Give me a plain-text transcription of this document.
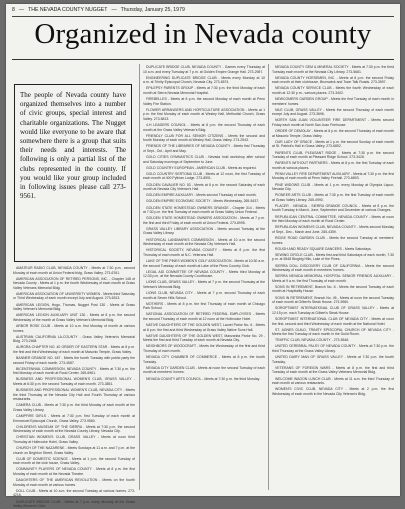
8 — THE NEVADA COUNTY NUGGET — Thursday, January 25, 1979
Organized in Nevada county
The people of Nevada county have organized themselves into a number of civic groups, special interest and charitable organizations. The Nugget would like everyone to be aware that somewhere there is a group that suits their needs and interests. The following is only a partial list of the clubs represented in the county. If you would like your group included in following issues please call 273-9561.

AMATEUR RADIO CLUB, NEVADA COUNTY - Meets at 7:30 p.m., second Monday of each month at Union Federal bldg, Grass Valley. 273-6761.

AMERICAN ASSOCIATION OF RETIRED PERSONS, INC. - Chapter 148 of Nevada County - Meets at 1 p.m. the fourth Wednesday of each month at Grass Valley Veterans Memorial Bldg.

AMERICAN ASSOCIATION OF UNIVERSITY WOMEN - Meets third Saturday or Third Wednesday of each month except July and August. 273-6513.

AMERICAN LEGION, Hugo, Thomas, Nugget Post 130 - Meets at Grass Valley Veteran's Memorial Bldg.

AMERICAN LEGION AUXILIARY UNIT 130 - Meets at 8 p.m. the second Wednesday of the month at Grass Valley Veteran's Memorial Bldg.

ARBOR ROSE CLUB - Meets at 10 a.m. first Monday of month at various homes.

AUSTRIAN CALIFORNIA LA-COUNTY - Grass Valley Veteran's Memorial Bldg. 273-2468.

AURORA CHAPTER NO. 40 ORDER OF EASTERN STAR - Meets at 8 p.m. the first and third Wednesday of each month at Masonic Temple, Grass Valley.

BANNER GRANGE NO. 487 - Meets the fourth Tuesday with public party the second Friday of each month. 273-4587.

BICENTENNIAL COMMISSION, NEVADA COUNTY - Meets at 7:30 p.m. the first Monday of each month at Rood Center. 265-6961.

BUSINESS AND PROFESSIONAL WOMEN'S CLUB, GRASS VALLEY - Meets at 6:30 p.m. the second Tuesday of each month. 273-3851.

BUSINESS AND PROFESSIONAL WOMEN'S CLUB, NEVADA CITY - Meets the third Thursday at the Nevada City Hall and Fourth Thursday at various restaurants.

CAMERA CLUB - Meets at 7:30 p.m. the third Monday of each month at the Grass Valley Library.

CAMPFIRE GIRLS - Meets at 7:30 p.m. first Tuesday of each month at Emmanuel Episcopal Church, Grass Valley. 273-9560.

CHILDREN'S MUSEUM OF THE SIERRA - Meets at 7:30 p.m. the second Wednesday of each month at the Nevada County Library, Nevada City.

CHRISTIAN WOMEN'S CLUB, GRASS VALLEY - Meets at noon third Thursday at Holbrooke Hotel, Grass Valley.

CHURCH OF THE NAZARENE - Meets Sundays at 11 a.m. and 7 p.m. at the church on Brighton Street, Grass Valley.

CLUB OF DOMESTIC SCIENCE - Meets at 1 p.m. the second Tuesday of each month at the club house, Grass Valley.

COMMUNITY PLAYERS OF NEVADA COUNTY - Meets at 8 p.m. the first Monday of each month at the Nevada Theatre.

DAUGHTERS OF THE AMERICAN REVOLUTION - Meets on the fourth Monday of each month at various homes.

DOLL CLUB - Meets at 10 a.m. the second Tuesday at various homes. 273-4216.

DUPLICATE BRIDGE CLUB - Meets at 7 p.m. every Monday at the Grass Valley Women's Club.

DUPLICATE BRIDGE CLUB, NEVADA COUNTY - Games every Thursday at 10 a.m. and every Tuesday at 7 p.m. at Golden Empire Grange Hall. 273-2987.

ENGINEERING DUPLICATE BRIDGE CLUB - Meets every Monday at 10 a.m. at Trinity Episcopal Church, Nevada City. 273-6574.

EPILEPSY PARENTS GROUP - Meets at 7:30 p.m. the third Monday of each month at Sierra Nevada Memorial Hospital.

FIREBELLES - Meets at 8 p.m. the second Monday of each month at Penn Valley Fire Station.

FLOWER ARRANGERS AND HORTICULTURE ASSOCIATION - Meets at 1 p.m. the first Monday of each month at Wesley Hall, Methodist Church, Grass Valley. 273-5813.

4-H LEADERS COUNCIL - Meets at 8 p.m. the second Thursday of each month at the Grass Valley Veteran's Bldg.

FRIENDLY CLUB FOR ALL SENIOR CITIZENS - Meets the second and fourth Monday of each month at Wesley Hall, Grass Valley. 273-2543.

FRIENDS OF THE LIBRARIES OF NEVADA COUNTY - Meets first Thursday of Sept., Oct., April and May.

GOLD CITIES GYMNASTICS CLUB - Nevada hold workshop after school and Saturday mornings of September to June.

GOLD COUNTRY EUROPEAN - AMERICAN CLUB - Meets as required.

GOLD COUNTRY SERTOMA CLUB - Meets at 12 noon, the first Tuesday of each month at 400 Pythian Lodge. 273-8591.

GOLDEN CAVALIER NO. 53 - Meets at 8 p.m. the second Saturday of each month at Nevada City Veteran's Hall.

GOLDEN EMPIRE AUXILIARY - Meets second Thursday of each month.

GOLDEN EMPIRE ECONOMIC SOCIETY - Meets Wednesday, 265-5437.

GOLDEN STATE HOMESTEAD OWNERS GRANGE - Chapter 314 - Meets at 7:30 p.m. the first Tuesday of each month at Grass Valley Union Federal.

GOLDEN STATE HOMESTEAD OWNERS ASSOCIATION - Meets at 7 p.m. the first and third Friday of each month at Union Federal. 273-8995.

GRASS VALLEY LIBRARY ASSOCIATION - Meets second Tuesday at the Grass Valley Library.

HISTORICAL LANDMARKS COMMISSION - Meets at 10 a.m. the second Wednesday of each month at the Nevada City Veteran's Hall.

HISTORICAL SOCIETY, NEVADA COUNTY - Meets at 8 p.m. the first Thursday of each month at N.C. Veterans Hall.

LAKE OF THE PINES WOMEN'S GOLF ASSOCIATION - Meets at 10:30 a.m. the second Tuesday of each month at Lake of the Pines Country Club.

LEGAL AID COMMITTEE OF NEVADA COUNTY - Meets third Monday at 12:30 p.m. at the Nevada County Courthouse.

LIONS CLUB, GRASS VALLEY - Meets at 7 p.m. the second Thursday at the Veteran's Memorial Bldg.

LIONS CLUB, NEVADA CITY - Meets at 7 p.m. second Thursday of each month at Seven Hills School.

MOTHERS - Meets at 8 p.m. the first Thursday of each month at Chicago Park School.

NATIONAL ASSOCIATION OF RETIRED FEDERAL EMPLOYEES - Meets the second Thursday of each month at 12 noon at the Holbrooke Hotel.

NATIVE DAUGHTERS OF THE GOLDEN WEST, Laurel Parlor No. 6 - Meets at 8 p.m. the first and third Wednesday at Grass Valley Native Sons Hall.

NATIVE DAUGHTERS OF THE GOLDEN WEST, Manzanita Parlor No. 29 - Meets the first and third Tuesday of each month at Nevada City.

NEIGHBORS OF WOODCRAFT - Meets the Wednesday of the first and third Thursday of each month.

NEVADA CITY CHAMBER OF COMMERCE - Meets at 8 p.m. the fourth Tuesday.

NEVADA CITY GARDEN CLUB - Meets at noon the second Tuesday of each month at members' homes.

NEVADA COUNTY ARTS COUNCIL - Meets at 7:30 p.m. the third Monday.

NEVADA COUNTY GEM & MINERAL SOCIETY - Meets at 7:30 p.m. the third Tuesday each month at the Nevada City Library. 273-5681.

NEVADA COUNTY HORSEMEN, INC. - Meets at 8 p.m. the second Friday each month at their clubhouse, Brunswick and Town Talk Roads. 273-3597.

NEVADA COUNTY SERVICE CLUB - Meets the fourth Wednesday of each month at 12:30 p.m., various places. 273-3402.

NEWCOMERS GARDEN GROUP - Meets the first Tuesday of each month in members' homes.

NILE CLUB, GRASS VALLEY - Meets the second Thursday of each month except July and August. 273-3696.

NORTH SAN JUAN VOLUNTEER FIRE DEPARTMENT - Meets second Friday each month at North San Juan Firehouse.

ORDER OF DEMOLAY - Meets at 8 p.m. the second Thursday of each month at Masonic Temple, Grass Valley.

OUR LADY OF GRACE - Meets at 1 p.m. the second Sunday of each month at St. Patrick's Hall in Grass Valley. 273-6852.

PARENTS CLUB, PLEASANT RIDGE - Meets at 7:30 p.m. the second Tuesday of each month at Pleasant Ridge School. 273-3428.

PARENTS WITHOUT PARTNERS - Meets at 8 p.m. the first Tuesday of each month at various places.

PENN VALLEY FIRE DEPARTMENT AUXILIARY - Meets at 7:30 p.m. the first Monday of each month at Penn Valley Firehall. 273-6893.

PINE WIDOWS CLUB - Meets at 1 p.m. every Monday at Olympia Liquor, Nevada City.

PIONEER ARTS CLUB - Meets at 7:30 p.m. the first Tuesday of each month at Grass Valley Library. 265-4990.

PLACER - NEVADA - SIERRA GRANGE COUNCIL - Meets at 8 p.m. the fourth Tuesday in March, June, September and December at various Granges.

REPUBLICAN CENTRAL COMMITTEE, NEVADA COUNTY - Meets at noon the third Monday of each month at Rood Center.

REPUBLICAN WOMEN'S CLUB, NEVADA COUNTY - Meets second Monday of Sept., Dec., March and June. 265-4359.

RIDGE ROAD GARDEN CLUB - Meets the second Tuesday at members' homes.

ROUGH AND READY SQUARE DANCERS - Meets Saturdays.

SEWING CIRCLE CLUB - Meets first and third Saturdays of each month, 7:30 p.m. at 5548 Bingbig Hills, Lake of the Pines.

SIERRA DOLL DISCOVERY CLUB OF CALIFORNIA - Meets the second Wednesday of each month in members' homes.

SIERRA NEVADA MEMORIAL HOSPITAL SENIOR FRIENDS AUXILIARY - Meets at 9 a.m. the first Thursday of each month.

SONS IN RETIREMENT, Branch No. 8 - Meets the second Tuesday of each month at Hospitality House.

SONS IN RETIREMENT, Branch No. 45 - Meets at noon the second Tuesday of each month at Gilbert's Steak House. 273-5960.

SOROPTIMIST INTERNATIONAL CLUB OF GRASS VALLEY - Meets at 12:15 p.m. each Tuesday at Gilbert's Steak House.

SOROPTIMIST INTERNATIONAL CLUB OF NEVADA CITY - Meets at noon the first, second and third Wednesday of each month at the National Hotel.

ST. AGNES GUILD, TRINITY EPISCOPAL CHURCH OF NEVADA CITY - Meets the first Tuesday of each month in the Guild Room.

TRAFFIC CLUB, NEVADA COUNTY - 273-5548.

UNITED CEREBRAL PALSY OF NEVADA COUNTY - Meets at 7:30 p.m. the third Thursday at the Grass Valley Library.

UNITED DAIRY MAN OF GRASS VALLEY - Meets at 7:30 p.m. the fourth Tuesday.

VETERANS OF FOREIGN WARS - Meets at 8 p.m. the first and third Tuesday of each month at the Grass Valley Veterans Memorial Bldg.

WELCOME WAGON LUNCH CLUB - Meets at 11 a.m. the third Thursday of each month at various restaurants.

WOMEN'S CIVIC CLUB, NEVADA CITY - Meets at 2 p.m. the first Wednesday of each month in the Nevada City Veteran's Bldg.
